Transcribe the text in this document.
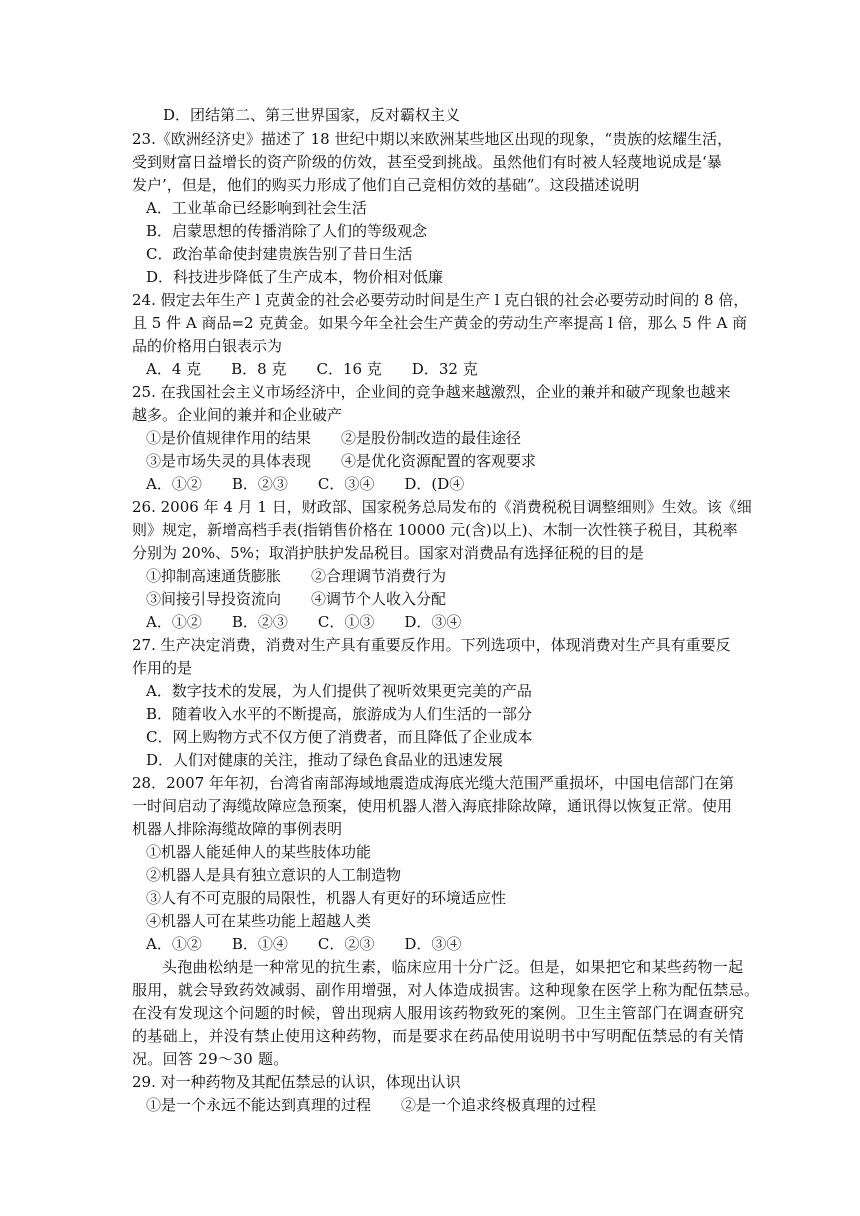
D．团结第二、第三世界国家，反对霸权主义
23.《欧洲经济史》描述了 18 世纪中期以来欧洲某些地区出现的现象，“贵族的炫耀生活，
受到财富日益增长的资产阶级的仿效，甚至受到挑战。虽然他们有时被人轻蔑地说成是‘暴
发户’，但是，他们的购买力形成了他们自己竞相仿效的基础”。这段描述说明
A．工业革命已经影响到社会生活
B．启蒙思想的传播消除了人们的等级观念
C．政治革命使封建贵族告别了昔日生活
D．科技进步降低了生产成本，物价相对低廉
24. 假定去年生产 l 克黄金的社会必要劳动时间是生产 l 克白银的社会必要劳动时间的 8 倍，
且 5 件 A 商品=2 克黄金。如果今年全社会生产黄金的劳动生产率提高 l 倍，那么 5 件 A 商
品的价格用白银表示为
A．4 克　　B．8 克　　C．16 克　　D．32 克
25. 在我国社会主义市场经济中，企业间的竞争越来越激烈，企业的兼并和破产现象也越来
越多。企业间的兼并和企业破产
①是价值规律作用的结果　　②是股份制改造的最佳途径
③是市场失灵的具体表现　　④是优化资源配置的客观要求
A．①②　　B．②③　　C．③④　　D．(D④
26. 2006 年 4 月 1 日，财政部、国家税务总局发布的《消费税税目调整细则》生效。该《细
则》规定，新增高档手表(指销售价格在 10000 元(含)以上)、木制一次性筷子税目，其税率
分别为 20%、5%；取消护肤护发品税目。国家对消费品有选择征税的目的是
①抑制高速通货膨胀　　②合理调节消费行为
③间接引导投资流向　　④调节个人收入分配
A．①②　　B．②③　　C．①③　　D．③④
27. 生产决定消费，消费对生产具有重要反作用。下列选项中，体现消费对生产具有重要反
作用的是
A．数字技术的发展，为人们提供了视听效果更完美的产品
B．随着收入水平的不断提高，旅游成为人们生活的一部分
C．网上购物方式不仅方便了消费者，而且降低了企业成本
D．人们对健康的关注，推动了绿色食品业的迅速发展
28．2007 年年初，台湾省南部海域地震造成海底光缆大范围严重损坏，中国电信部门在第
一时间启动了海缆故障应急预案，使用机器人潜入海底排除故障，通讯得以恢复正常。使用
机器人排除海缆故障的事例表明
①机器人能延伸人的某些肢体功能
②机器人是具有独立意识的人工制造物
③人有不可克服的局限性，机器人有更好的环境适应性
④机器人可在某些功能上超越人类
A．①②　　B．①④　　C．②③　　D．③④
头孢曲松纳是一种常见的抗生素，临床应用十分广泛。但是，如果把它和某些药物一起
服用，就会导致药效减弱、副作用增强，对人体造成损害。这种现象在医学上称为配伍禁忌。
在没有发现这个问题的时候，曾出现病人服用该药物致死的案例。卫生主管部门在调查研究
的基础上，并没有禁止使用这种药物，而是要求在药品使用说明书中写明配伍禁忌的有关情
况。回答 29～30 题。
29. 对一种药物及其配伍禁忌的认识，体现出认识
①是一个永远不能达到真理的过程　　②是一个追求终极真理的过程
